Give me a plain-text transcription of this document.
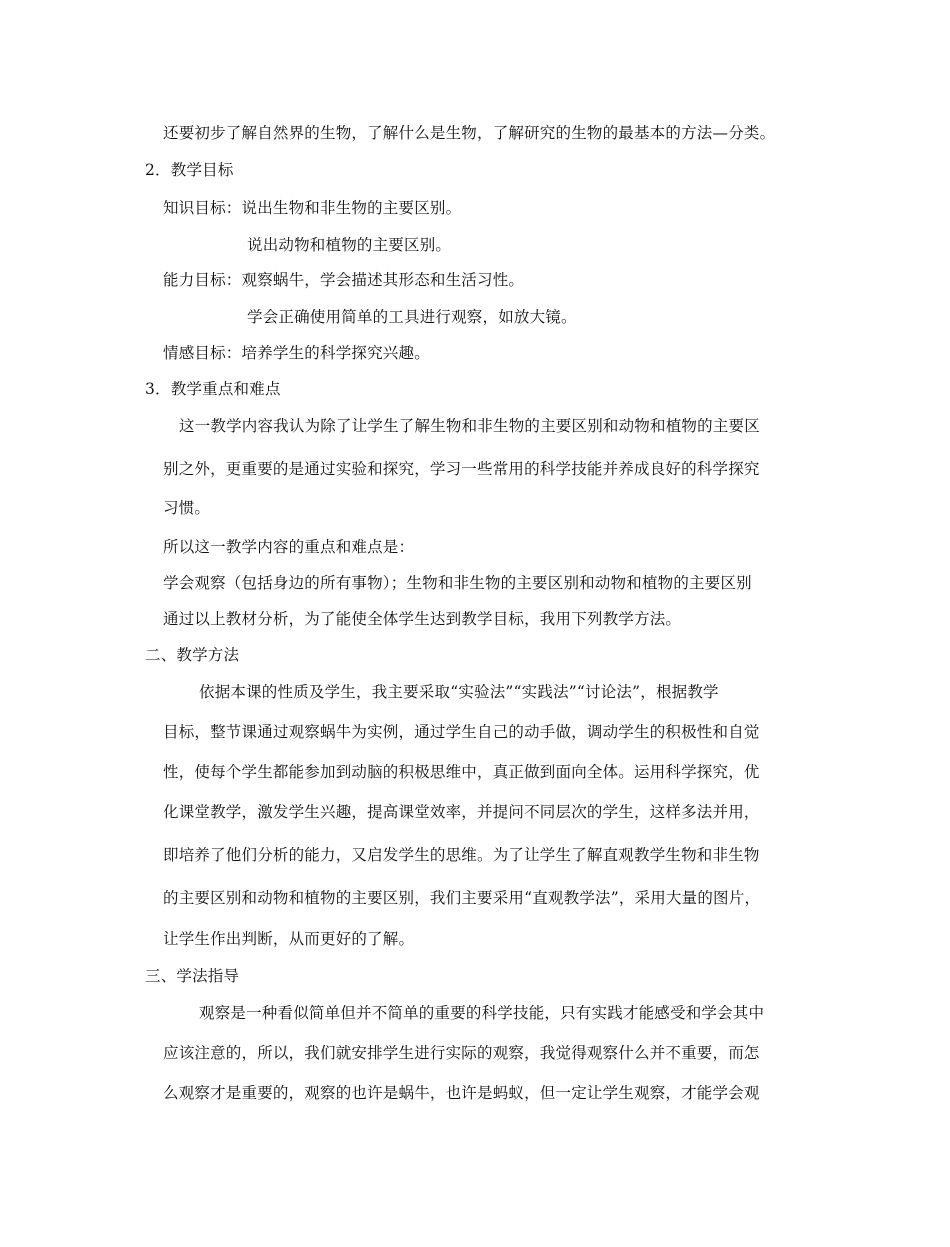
还要初步了解自然界的生物，了解什么是生物，了解研究的生物的最基本的方法—分类。
2．教学目标
知识目标：说出生物和非生物的主要区别。
说出动物和植物的主要区别。
能力目标：观察蜗牛，学会描述其形态和生活习性。
学会正确使用简单的工具进行观察，如放大镜。
情感目标：培养学生的科学探究兴趣。
3．教学重点和难点
这一教学内容我认为除了让学生了解生物和非生物的主要区别和动物和植物的主要区
别之外，更重要的是通过实验和探究，学习一些常用的科学技能并养成良好的科学探究
习惯。
所以这一教学内容的重点和难点是：
学会观察（包括身边的所有事物）；生物和非生物的主要区别和动物和植物的主要区别
通过以上教材分析，为了能使全体学生达到教学目标，我用下列教学方法。
二、教学方法
依据本课的性质及学生，我主要采取“实验法”“实践法”“讨论法”，根据教学
目标，整节课通过观察蜗牛为实例，通过学生自己的动手做，调动学生的积极性和自觉
性，使每个学生都能参加到动脑的积极思维中，真正做到面向全体。运用科学探究，优
化课堂教学，激发学生兴趣，提高课堂效率，并提问不同层次的学生，这样多法并用，
即培养了他们分析的能力，又启发学生的思维。为了让学生了解直观教学生物和非生物
的主要区别和动物和植物的主要区别，我们主要采用“直观教学法”，采用大量的图片，
让学生作出判断，从而更好的了解。
三、学法指导
观察是一种看似简单但并不简单的重要的科学技能，只有实践才能感受和学会其中
应该注意的，所以，我们就安排学生进行实际的观察，我觉得观察什么并不重要，而怎
么观察才是重要的，观察的也许是蜗牛，也许是蚂蚁，但一定让学生观察，才能学会观
